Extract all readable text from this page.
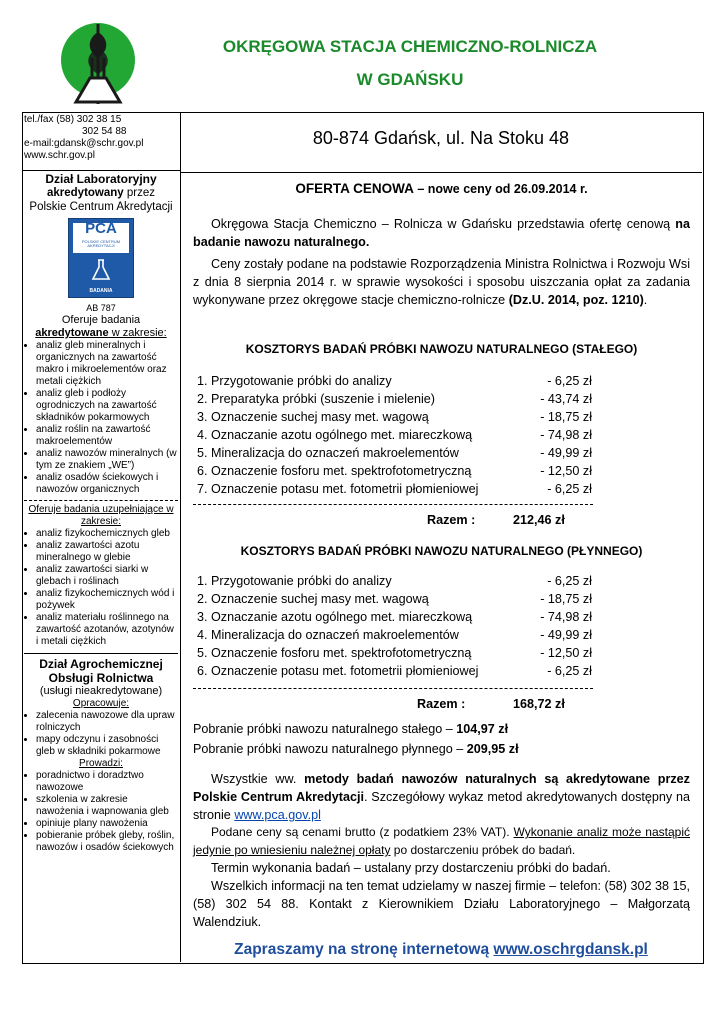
OKRĘGOWA STACJA CHEMICZNO-ROLNICZA
W GDAŃSKU
tel./fax (58) 302 38 15
302 54 88
e-mail:gdansk@schr.gov.pl
www.schr.gov.pl
80-874 Gdańsk, ul. Na Stoku 48
Dział Laboratoryjny
akredytowany przez
Polskie Centrum Akredytacji
PCA
POLSKIE CENTRUM
AKREDYTACJI
BADANIA
AB 787
Oferuje badania
akredytowane w zakresie:
• analiz gleb mineralnych i organicznych na zawartość makro i mikroelementów oraz metali ciężkich
• analiz gleb i podłoży ogrodniczych na zawartość składników pokarmowych
• analiz roślin na zawartość makroelementów
• analiz nawozów mineralnych (w tym ze znakiem „WE”)
• analiz osadów ściekowych i nawozów organicznych
Oferuje badania uzupełniające w zakresie:
• analiz fizykochemicznych gleb
• analiz zawartości azotu mineralnego w glebie
• analiz zawartości siarki w glebach i roślinach
• analiz fizykochemicznych wód i pożywek
• analiz materiału roślinnego na zawartość azotanów, azotynów i metali ciężkich
Dział Agrochemicznej
Obsługi Rolnictwa
(usługi nieakredytowane)
Opracowuje:
• zalecenia nawozowe dla upraw rolniczych
• mapy odczynu i zasobności gleb w składniki pokarmowe
Prowadzi:
• poradnictwo i doradztwo nawozowe
• szkolenia w zakresie nawożenia i wapnowania gleb
• opiniuje plany nawożenia
• pobieranie próbek gleby, roślin, nawozów i osadów ściekowych
OFERTA CENOWA – nowe ceny od 26.09.2014 r.
Okręgowa Stacja Chemiczno – Rolnicza w Gdańsku przedstawia ofertę cenową na badanie nawozu naturalnego.
Ceny zostały podane na podstawie Rozporządzenia Ministra Rolnictwa i Rozwoju Wsi z dnia 8 sierpnia 2014 r. w sprawie wysokości i sposobu uiszczania opłat za zadania wykonywane przez okręgowe stacje chemiczno-rolnicze (Dz.U. 2014, poz. 1210).
KOSZTORYS BADAŃ PRÓBKI NAWOZU NATURALNEGO (STAŁEGO)
1. Przygotowanie próbki do analizy	- 6,25 zł
2. Preparatyka próbki (suszenie i mielenie)	- 43,74 zł
3. Oznaczenie suchej masy met. wagową	- 18,75 zł
4. Oznaczanie azotu ogólnego met. miareczkową	- 74,98 zł
5. Mineralizacja do oznaczeń makroelementów	- 49,99 zł
6. Oznaczenie fosforu met. spektrofotometryczną	- 12,50 zł
7. Oznaczenie potasu met. fotometrii płomieniowej	- 6,25 zł
Razem :	212,46 zł
KOSZTORYS BADAŃ PRÓBKI NAWOZU NATURALNEGO (PŁYNNEGO)
1. Przygotowanie próbki do analizy	- 6,25 zł
2. Oznaczenie suchej masy met. wagową	- 18,75 zł
3. Oznaczanie azotu ogólnego met. miareczkową	- 74,98 zł
4. Mineralizacja do oznaczeń makroelementów	- 49,99 zł
5. Oznaczenie fosforu met. spektrofotometryczną	- 12,50 zł
6. Oznaczenie potasu met. fotometrii płomieniowej	- 6,25 zł
Razem :	168,72 zł
Pobranie próbki nawozu naturalnego stałego – 104,97 zł
Pobranie próbki nawozu naturalnego płynnego – 209,95 zł
Wszystkie ww. metody badań nawozów naturalnych są akredytowane przez Polskie Centrum Akredytacji. Szczegółowy wykaz metod akredytowanych dostępny na stronie www.pca.gov.pl
Podane ceny są cenami brutto (z podatkiem 23% VAT). Wykonanie analiz może nastąpić jedynie po wniesieniu należnej opłaty po dostarczeniu próbek do badań.
Termin wykonania badań – ustalany przy dostarczeniu próbki do badań.
Wszelkich informacji na ten temat udzielamy w naszej firmie – telefon: (58) 302 38 15, (58) 302 54 88. Kontakt z Kierownikiem Działu Laboratoryjnego – Małgorzatą Walendziuk.
Zapraszamy na stronę internetową www.oschrgdansk.pl
